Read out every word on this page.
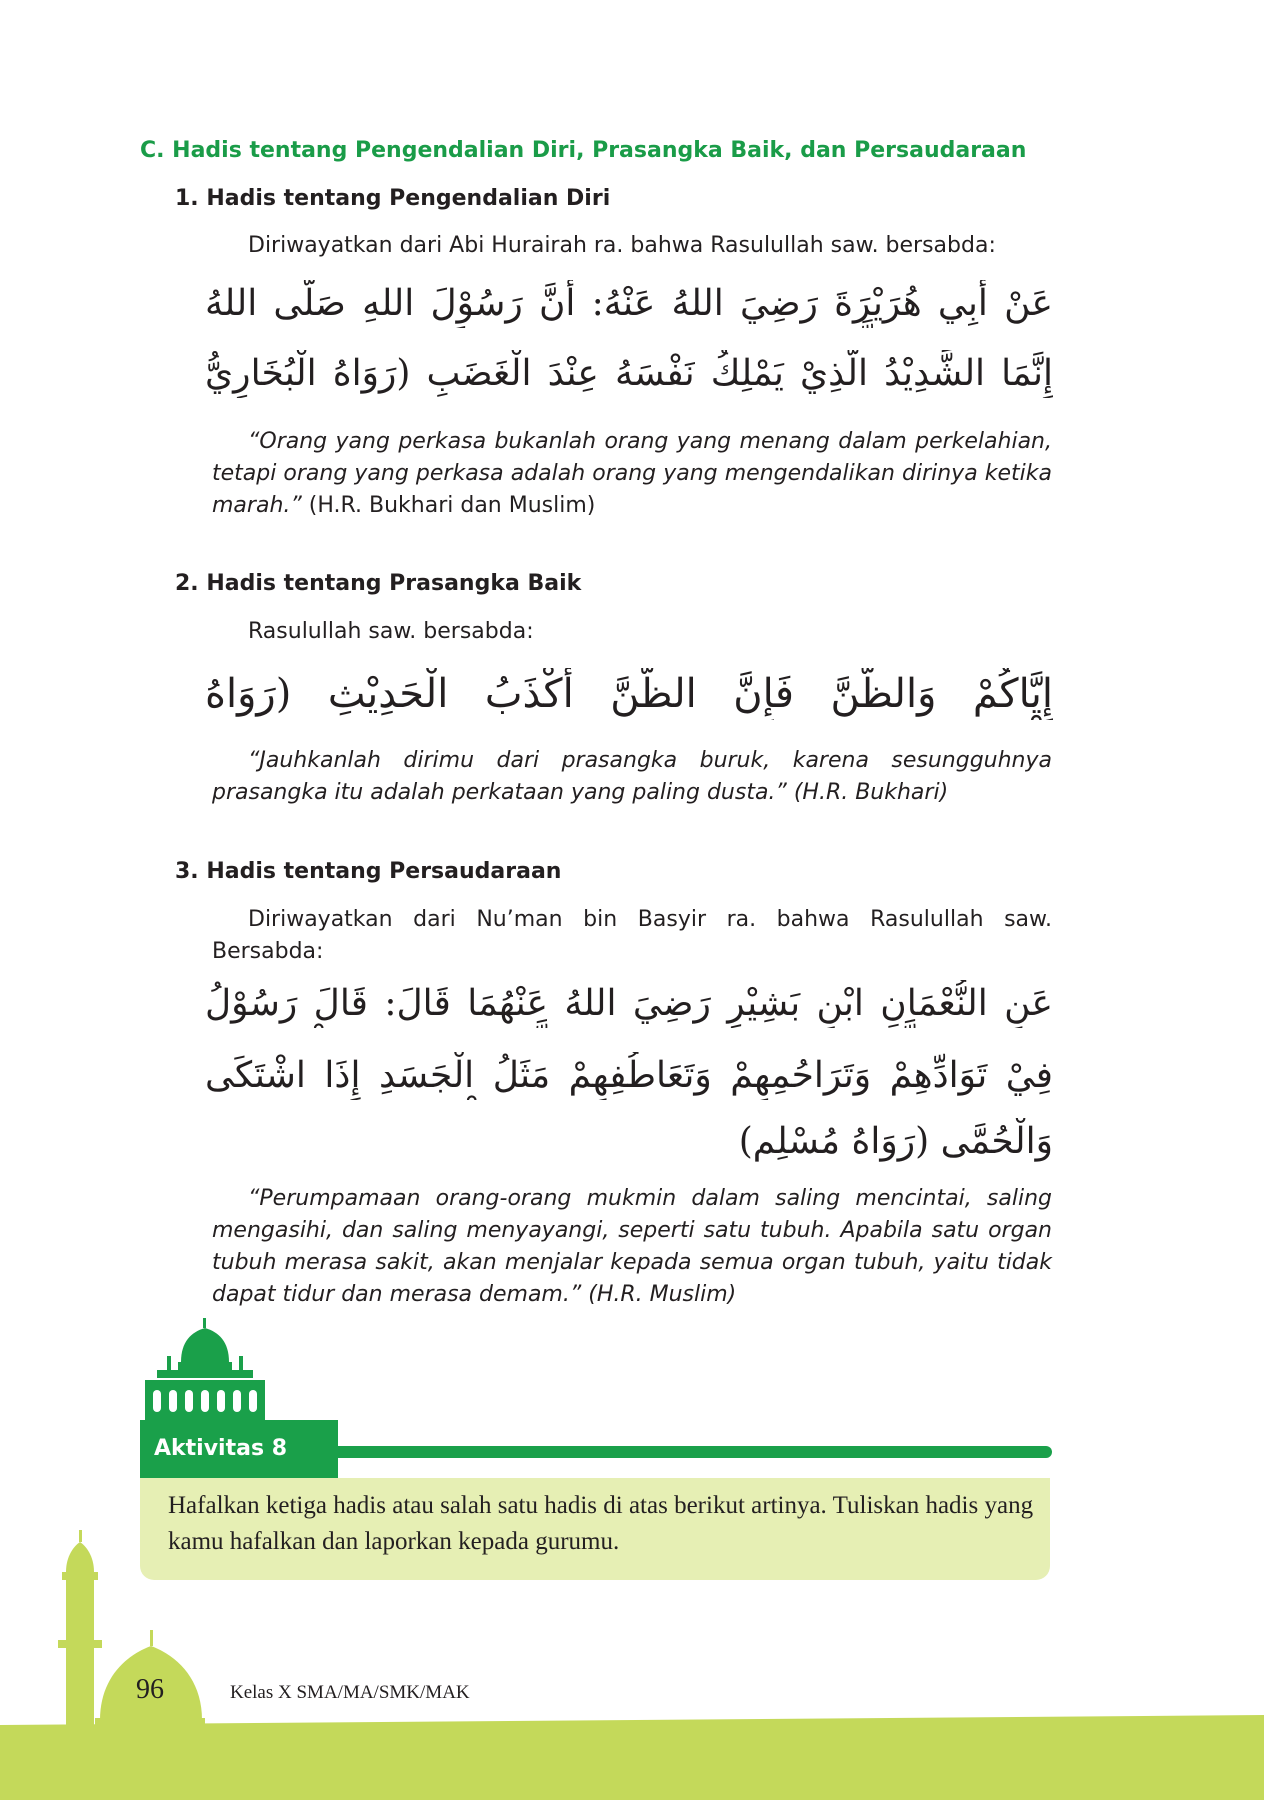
C. Hadis tentang Pengendalian Diri, Prasangka Baik, dan Persaudaraan
1. Hadis tentang Pengendalian Diri
Diriwayatkan dari Abi Hurairah ra. bahwa Rasulullah saw. bersabda:
عَنْ أَبِي هُرَيْرَةَ رَضِيَ اللهُ عَنْهُ: أَنَّ رَسُوْلَ اللهِ صَلَّى اللهُ
إِنَّمَا الشَّدِيْدُ الَّذِيْ يَمْلِكُ نَفْسَهُ عِنْدَ الْغَضَبِ (رَوَاهُ الْبُخَارِيُّ
“Orang yang perkasa bukanlah orang yang menang dalam perkelahian, tetapi orang yang perkasa adalah orang yang mengendalikan dirinya ketika marah.” (H.R. Bukhari dan Muslim)
2. Hadis tentang Prasangka Baik
Rasulullah saw. bersabda:
إِيَّاكُمْ وَالظَّنَّ فَإِنَّ الظَّنَّ أَكْذَبُ الْحَدِيْثِ (رَوَاهُ
“Jauhkanlah dirimu dari prasangka buruk, karena sesungguhnya prasangka itu adalah perkataan yang paling dusta.” (H.R. Bukhari)
3. Hadis tentang Persaudaraan
Diriwayatkan dari Nu’man bin Basyir ra. bahwa Rasulullah saw. Bersabda:
عَنِ النُّعْمَانِ ابْنِ بَشِيْرٍ رَضِيَ اللهُ عَنْهُمَا قَالَ: قَالَ رَسُوْلُ
فِيْ تَوَادِّهِمْ وَتَرَاحُمِهِمْ وَتَعَاطُفِهِمْ مَثَلُ الْجَسَدِ إِذَا اشْتَكَى
وَالْحُمَّى (رَوَاهُ مُسْلِم)
“Perumpamaan orang-orang mukmin dalam saling mencintai, saling mengasihi, dan saling menyayangi, seperti satu tubuh. Apabila satu organ tubuh merasa sakit, akan menjalar kepada semua organ tubuh, yaitu tidak dapat tidur dan merasa demam.” (H.R. Muslim)
Aktivitas 8
Hafalkan ketiga hadis atau salah satu hadis di atas berikut artinya. Tuliskan hadis yang kamu hafalkan dan laporkan kepada gurumu.
96	Kelas X SMA/MA/SMK/MAK
